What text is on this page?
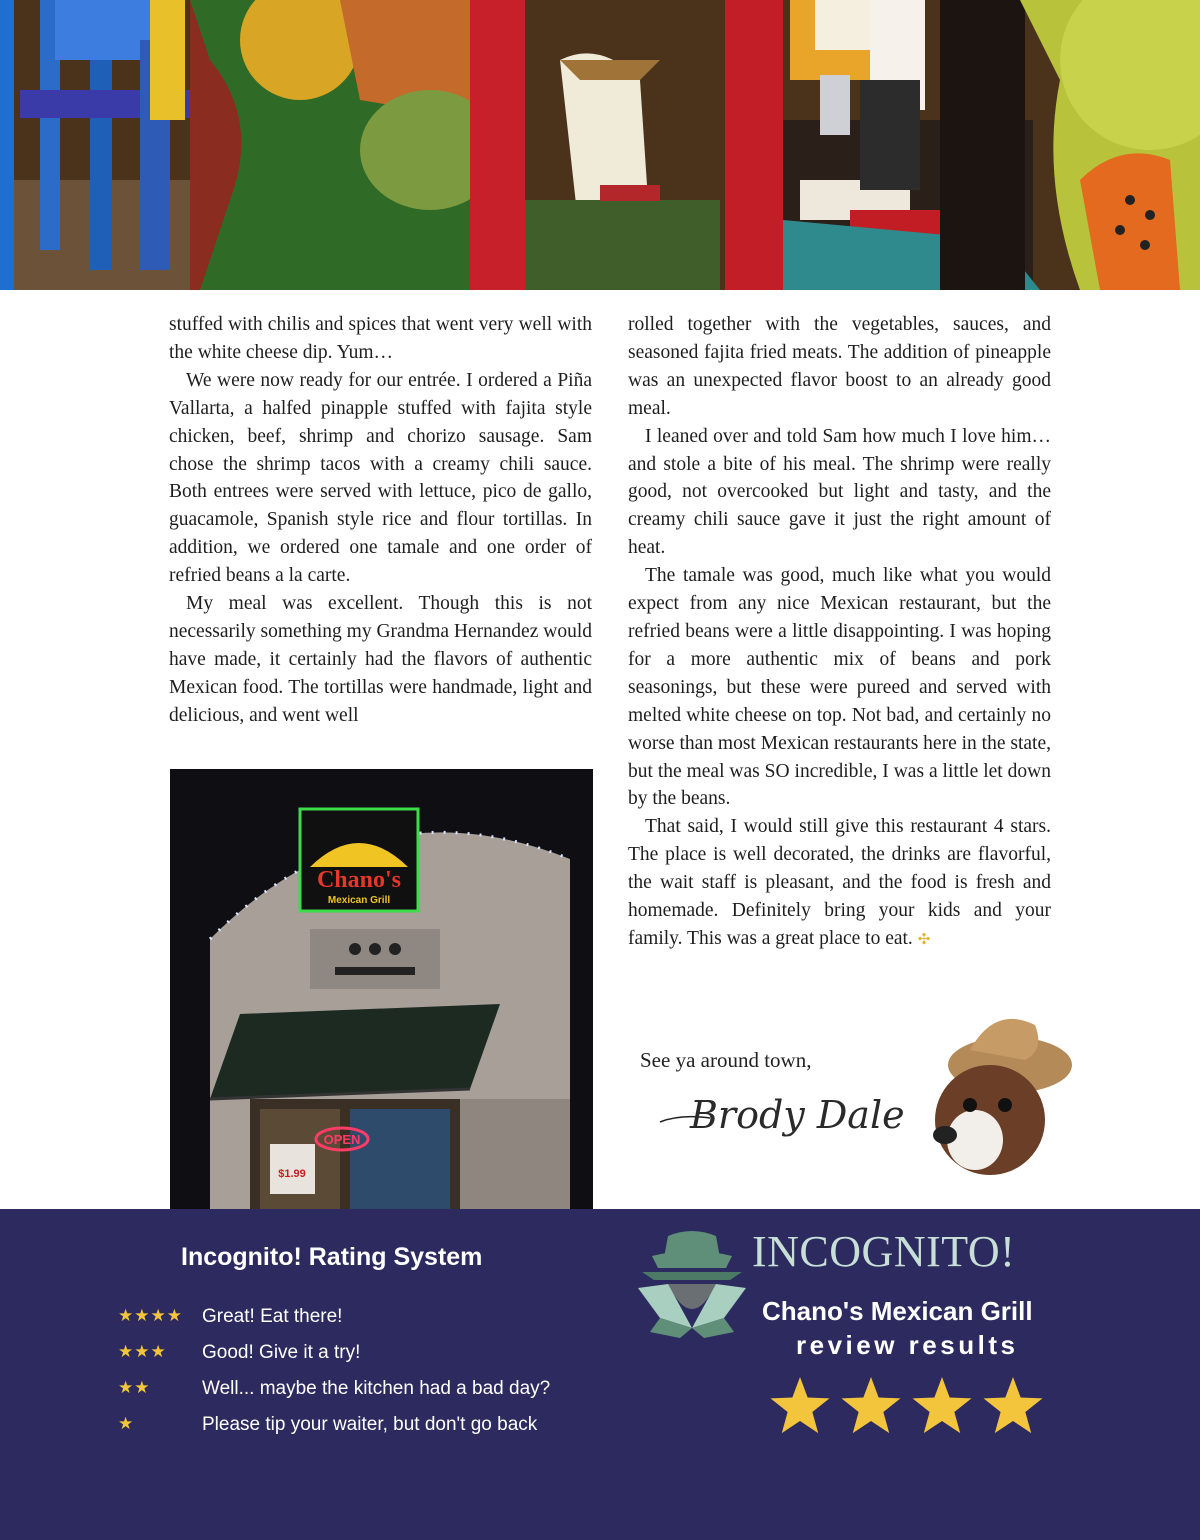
stuffed with chilis and spices that went very well with the white cheese dip. Yum…

We were now ready for our entrée. I ordered a Piña Vallarta, a halfed pinapple stuffed with fajita style chicken, beef, shrimp and chorizo sausage. Sam chose the shrimp tacos with a creamy chili sauce. Both entrees were served with lettuce, pico de gallo, guacamole, Spanish style rice and flour tortillas. In addition, we ordered one tamale and one order of refried beans a la carte.

My meal was excellent. Though this is not necessarily something my Grandma Hernandez would have made, it certainly had the flavors of authentic Mexican food. The tortillas were handmade, light and delicious, and went well

rolled together with the vegetables, sauces, and seasoned fajita fried meats. The addition of pineapple was an unexpected flavor boost to an already good meal.

I leaned over and told Sam how much I love him… and stole a bite of his meal. The shrimp were really good, not overcooked but light and tasty, and the creamy chili sauce gave it just the right amount of heat.

The tamale was good, much like what you would expect from any nice Mexican restaurant, but the refried beans were a little disappointing. I was hoping for a more authentic mix of beans and pork seasonings, but these were pureed and served with melted white cheese on top. Not bad, and certainly no worse than most Mexican restaurants here in the state, but the meal was SO incredible, I was a little let down by the beans.

That said, I would still give this restaurant 4 stars. The place is well decorated, the drinks are flavorful, the wait staff is pleasant, and the food is fresh and homemade. Definitely bring your kids and your family. This was a great place to eat. ✣

Chano's
Mexican Grill
OPEN
$1.99
See ya around town,
Brody Dale
Incognito! Rating System
★★★★	Great! Eat there!
★★★	Good! Give it a try!
★★	Well... maybe the kitchen had a bad day?
★	Please tip your waiter, but don't go back
INCOGNITO!
Chano's Mexican Grill
review results
